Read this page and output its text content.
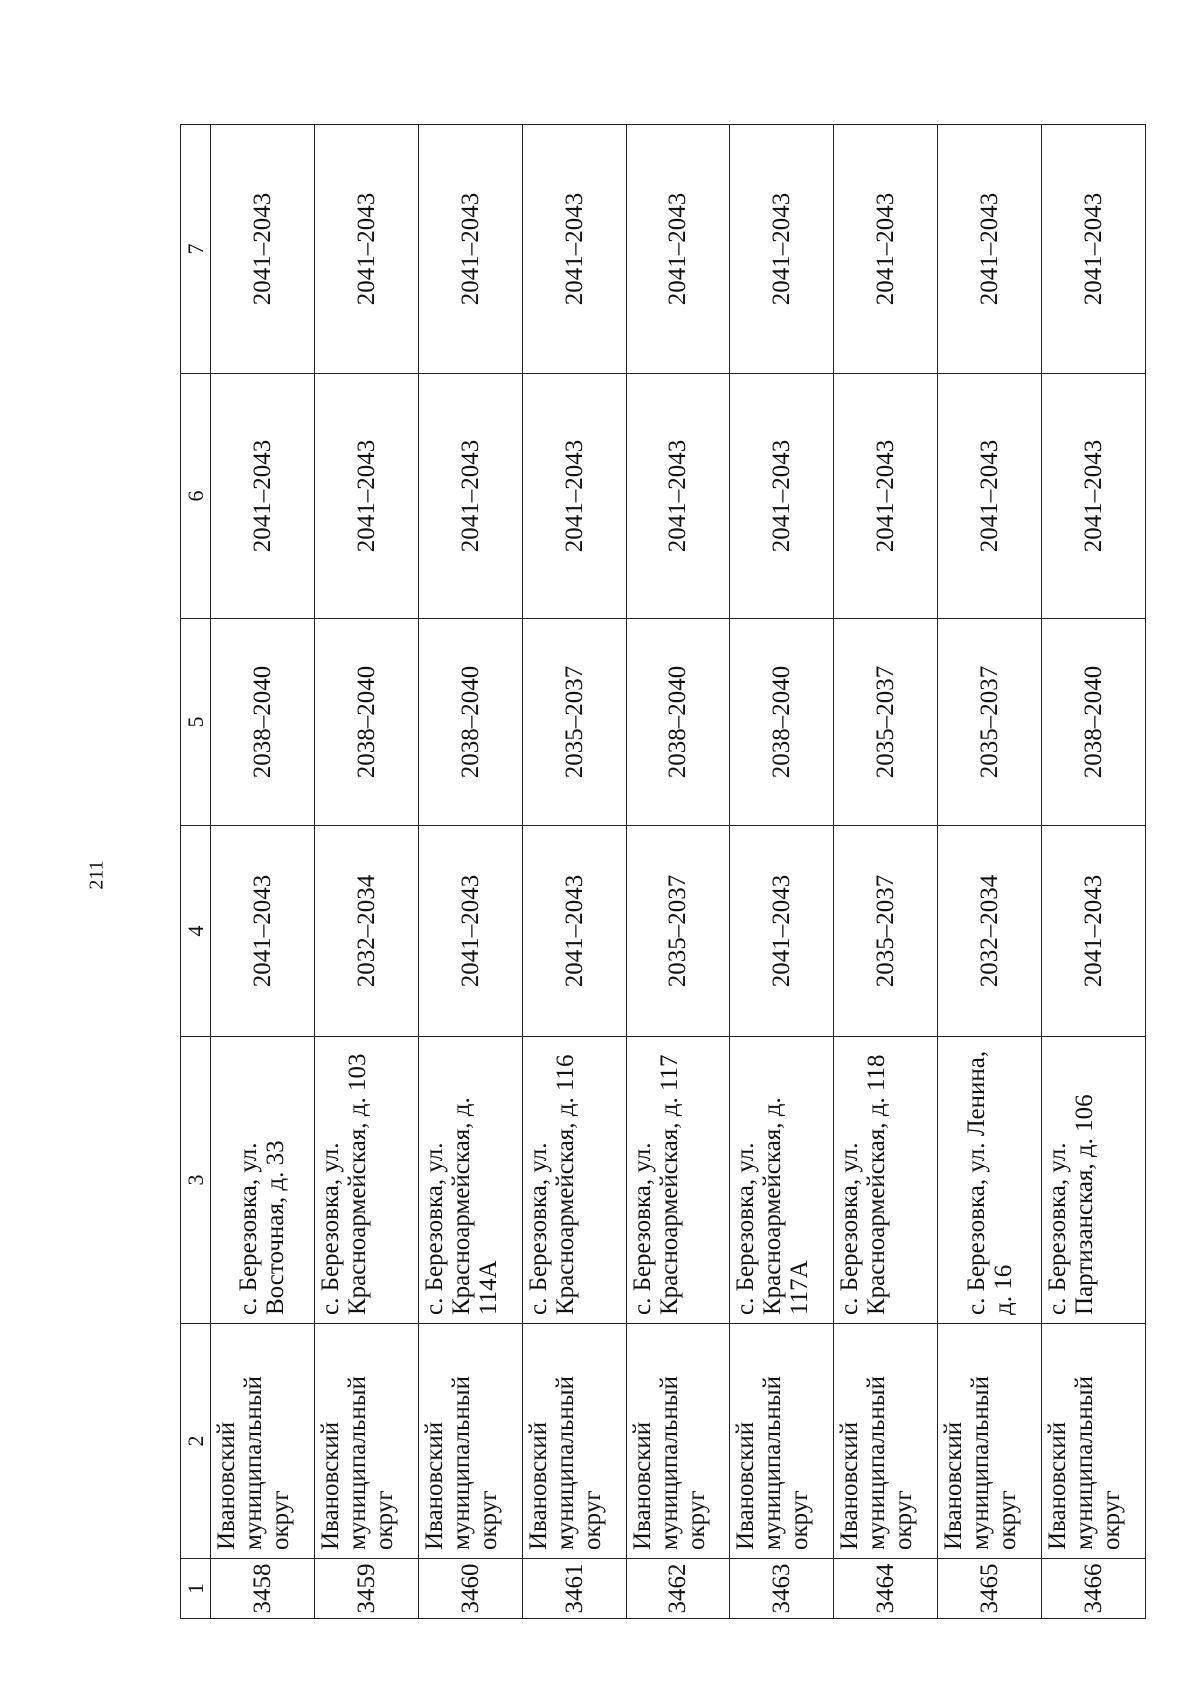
211
1	2	3	4	5	6	7
3458	Ивановский муниципальный округ	с. Березовка, ул. Восточная, д. 33	2041–2043	2038–2040	2041–2043	2041–2043
3459	Ивановский муниципальный округ	с. Березовка, ул. Красноармейская, д. 103	2032–2034	2038–2040	2041–2043	2041–2043
3460	Ивановский муниципальный округ	с. Березовка, ул. Красноармейская, д. 114А	2041–2043	2038–2040	2041–2043	2041–2043
3461	Ивановский муниципальный округ	с. Березовка, ул. Красноармейская, д. 116	2041–2043	2035–2037	2041–2043	2041–2043
3462	Ивановский муниципальный округ	с. Березовка, ул. Красноармейская, д. 117	2035–2037	2038–2040	2041–2043	2041–2043
3463	Ивановский муниципальный округ	с. Березовка, ул. Красноармейская, д. 117А	2041–2043	2038–2040	2041–2043	2041–2043
3464	Ивановский муниципальный округ	с. Березовка, ул. Красноармейская, д. 118	2035–2037	2035–2037	2041–2043	2041–2043
3465	Ивановский муниципальный округ	с. Березовка, ул. Ленина, д. 16	2032–2034	2035–2037	2041–2043	2041–2043
3466	Ивановский муниципальный округ	с. Березовка, ул. Партизанская, д. 106	2041–2043	2038–2040	2041–2043	2041–2043
